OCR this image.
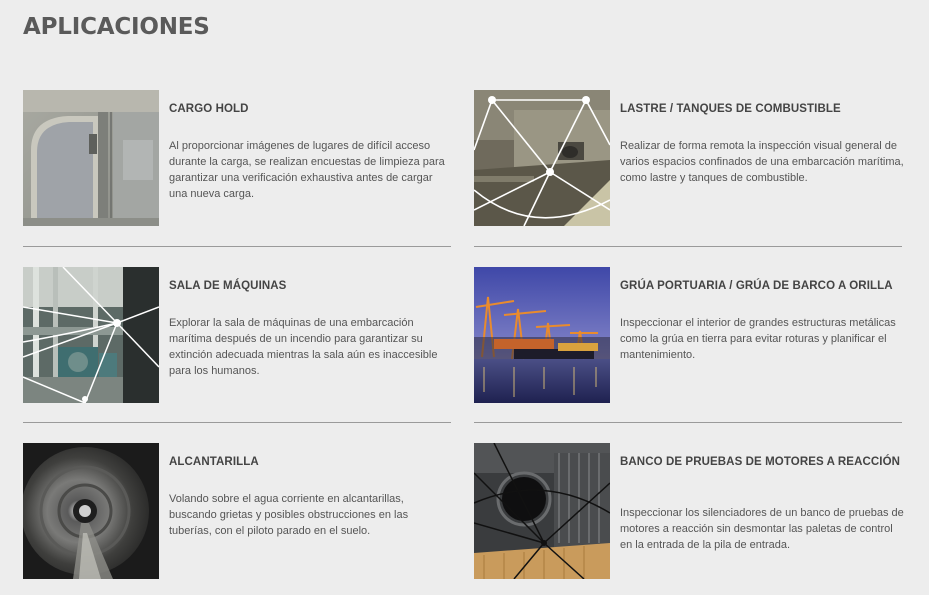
APLICACIONES
CARGO HOLD

Al proporcionar imágenes de lugares de difícil acceso durante la carga, se realizan encuestas de limpieza para garantizar una verificación exhaustiva antes de cargar una nueva carga.

LASTRE / TANQUES DE COMBUSTIBLE

Realizar de forma remota la inspección visual general de varios espacios confinados de una embarcación marítima, como lastre y tanques de combustible.

SALA DE MÁQUINAS

Explorar la sala de máquinas de una embarcación marítima después de un incendio para garantizar su extinción adecuada mientras la sala aún es inaccesible para los humanos.

GRÚA PORTUARIA / GRÚA DE BARCO A ORILLA

Inspeccionar el interior de grandes estructuras metálicas como la grúa en tierra para evitar roturas y planificar el mantenimiento.

ALCANTARILLA

Volando sobre el agua corriente en alcantarillas, buscando grietas y posibles obstrucciones en las tuberías, con el piloto parado en el suelo.

BANCO DE PRUEBAS DE MOTORES A REACCIÓN

Inspeccionar los silenciadores de un banco de pruebas de motores a reacción sin desmontar las paletas de control en la entrada de la pila de entrada.
